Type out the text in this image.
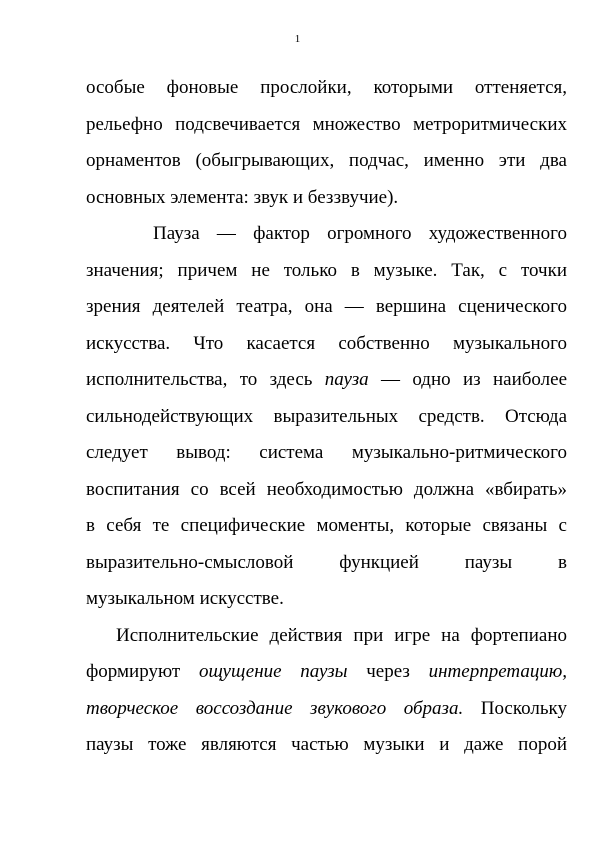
1
особые фоновые прослойки, которыми оттеняется,
рельефно подсвечивается множество метроритмических
орнаментов (обыгрывающих, подчас, именно эти два
основных элемента: звук и беззвучие).
Пауза — фактор огромного художественного
значения; причем не только в музыке. Так, с точки
зрения деятелей театра, она — вершина сценического
искусства. Что касается собственно музыкального
исполнительства, то здесь пауза — одно из наиболее
сильнодействующих выразительных средств. Отсюда
следует вывод: система музыкально-ритмического
воспитания со всей необходимостью должна «вбирать»
в себя те специфические моменты, которые связаны с
выразительно-смысловой функцией паузы в
музыкальном искусстве.
Исполнительские действия при игре на фортепиано
формируют ощущение паузы через интерпретацию,
творческое воссоздание звукового образа. Поскольку
паузы тоже являются частью музыки и даже порой
